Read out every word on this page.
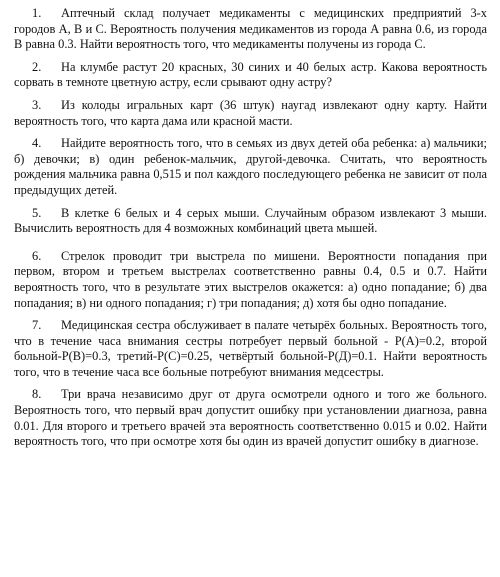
1. Аптечный склад получает медикаменты с медицинских предприятий 3-х городов А, В и С. Вероятность получения медикаментов из города А равна 0.6, из города В равна 0.3. Найти вероятность того, что медикаменты получены из города С.

2. На клумбе растут 20 красных, 30 синих и 40 белых астр. Какова вероятность сорвать в темноте цветную астру, если срывают одну астру?

3. Из колоды игральных карт (36 штук) наугад извлекают одну карту. Найти вероятность того, что карта дама или красной масти.

4. Найдите вероятность того, что в семьях из двух детей оба ребенка: а) мальчики; б) девочки; в) один ребенок-мальчик, другой-девочка. Считать, что вероятность рождения мальчика равна 0,515 и пол каждого последующего ребенка не зависит от пола предыдущих детей.

5. В клетке 6 белых и 4 серых мыши. Случайным образом извлекают 3 мыши. Вычислить вероятность для 4 возможных комбинаций цвета мышей.

6. Стрелок проводит три выстрела по мишени. Вероятности попадания при первом, втором и третьем выстрелах соответственно равны 0.4, 0.5 и 0.7. Найти вероятность того, что в результате этих выстрелов окажется: а) одно попадание; б) два попадания; в) ни одного попадания; г) три попадания; д) хотя бы одно попадание.

7. Медицинская сестра обслуживает в палате четырёх больных. Вероятность того, что в течение часа внимания сестры потребует первый больной - Р(А)=0.2, второй больной-Р(В)=0.3, третий-Р(С)=0.25, четвёртый больной-Р(Д)=0.1. Найти вероятность того, что в течение часа все больные потребуют внимания медсестры.

8. Три врача независимо друг от друга осмотрели одного и того же больного. Вероятность того, что первый врач допустит ошибку при установлении диагноза, равна 0.01. Для второго и третьего врачей эта вероятность соответственно 0.015 и 0.02. Найти вероятность того, что при осмотре хотя бы один из врачей допустит ошибку в диагнозе.
